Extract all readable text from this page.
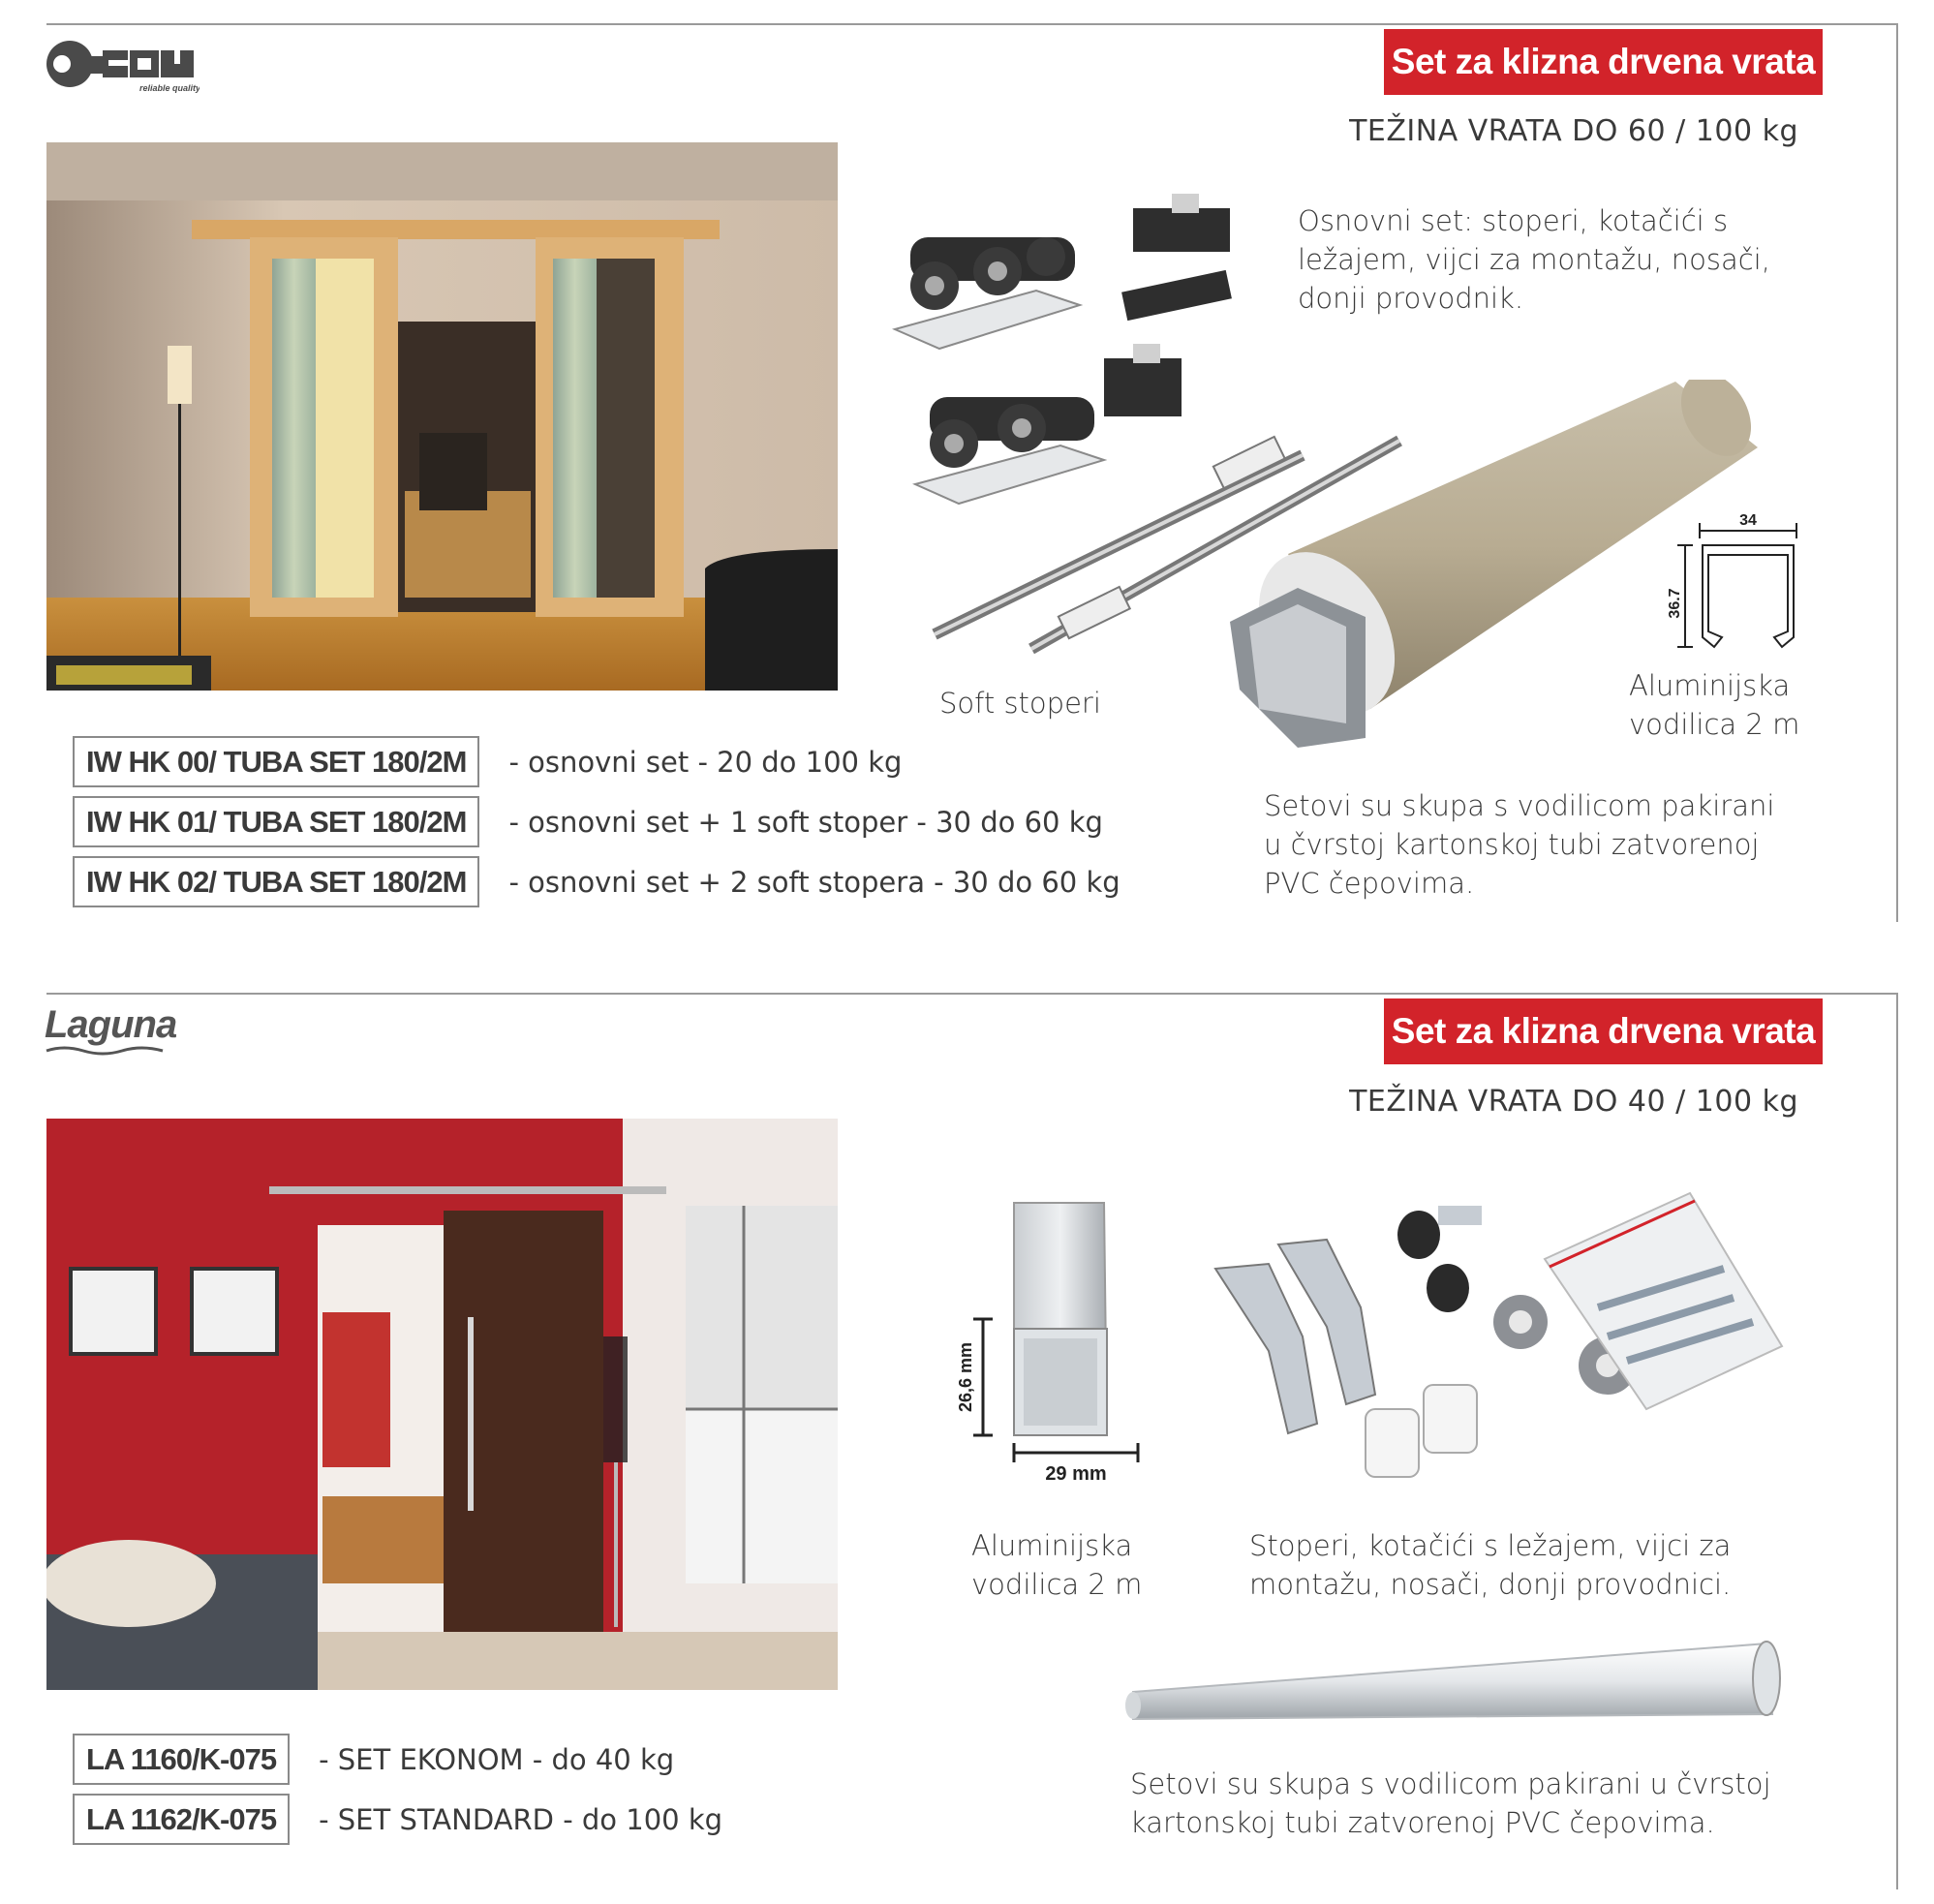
reliable quality
Set za klizna drvena vrata
TEŽINA VRATA DO 60 / 100 kg
Osnovni set: stoperi, kotačići s
ležajem, vijci za montažu, nosači,
donji provodnik.
Soft stoperi
34
36.7
Aluminijska
vodilica 2 m
IW HK 00/ TUBA SET 180/2M	- osnovni set - 20 do 100 kg
IW HK 01/ TUBA SET 180/2M	- osnovni set + 1 soft stoper - 30 do 60 kg
IW HK 02/ TUBA SET 180/2M	- osnovni set + 2 soft stopera - 30 do 60 kg
Setovi su skupa s vodilicom pakirani
u čvrstoj kartonskoj tubi zatvorenoj
PVC čepovima.
Laguna	Set za klizna drvena vrata
TEŽINA VRATA DO 40 / 100 kg
26,6 mm
29 mm
Aluminijska
vodilica 2 m
Stoperi, kotačići s ležajem, vijci za
montažu, nosači, donji provodnici.
LA 1160/K-075	- SET EKONOM - do 40 kg
LA 1162/K-075	- SET STANDARD - do 100 kg
Setovi su skupa s vodilicom pakirani u čvrstoj
kartonskoj tubi zatvorenoj PVC čepovima.
